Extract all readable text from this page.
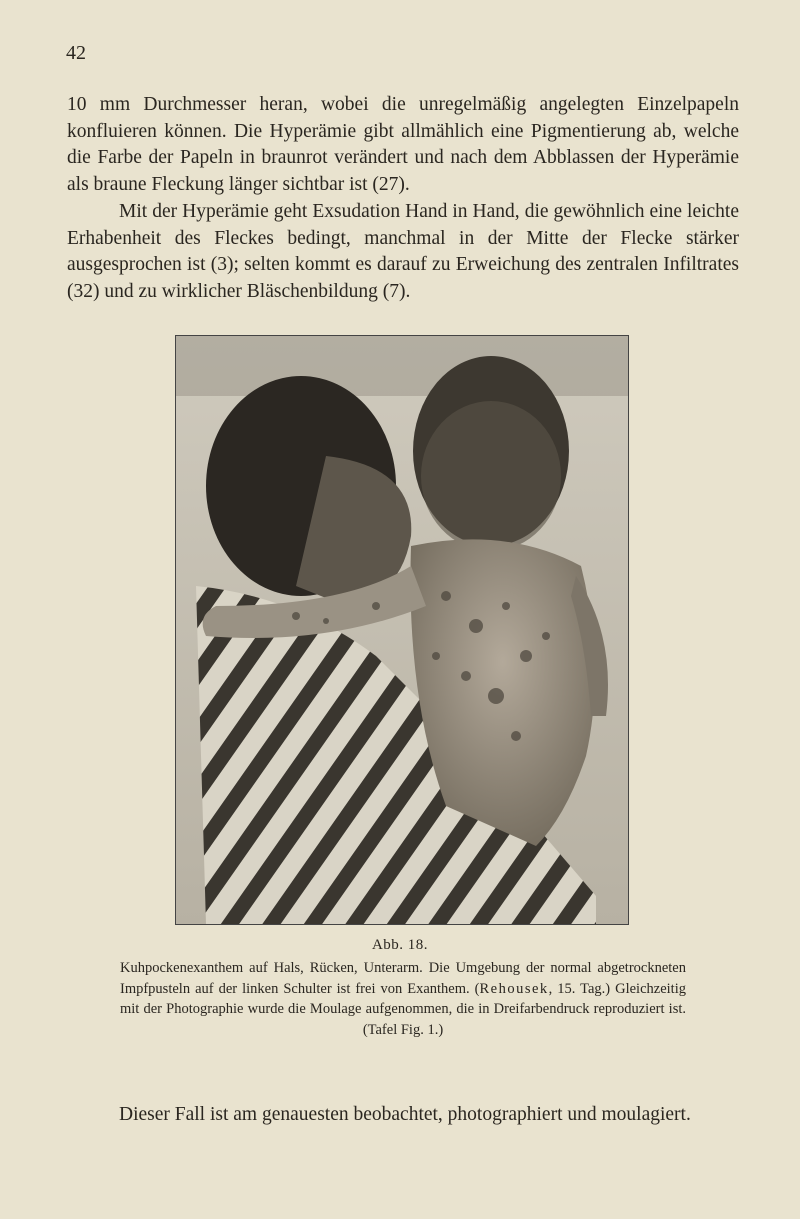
42

10 mm Durchmesser heran, wobei die unregelmäßig angelegten Einzelpapeln konfluieren können. Die Hyperämie gibt allmählich eine Pigmentierung ab, welche die Farbe der Papeln in braunrot verändert und nach dem Abblassen der Hyperämie als braune Fleckung länger sichtbar ist (27).

Mit der Hyperämie geht Exsudation Hand in Hand, die gewöhnlich eine leichte Erhabenheit des Fleckes bedingt, manchmal in der Mitte der Flecke stärker ausgesprochen ist (3); selten kommt es darauf zu Erweichung des zentralen Infiltrates (32) und zu wirklicher Bläschenbildung (7).

Abb. 18.

Kuhpockenexanthem auf Hals, Rücken, Unterarm. Die Umgebung der normal abgetrockneten Impfpusteln auf der linken Schulter ist frei von Exanthem. (Rehousek, 15. Tag.) Gleichzeitig mit der Photographie wurde die Moulage aufgenommen, die in Dreifarbendruck reproduziert ist. (Tafel Fig. 1.)

Dieser Fall ist am genauesten beobachtet, photographiert und moulagiert.
